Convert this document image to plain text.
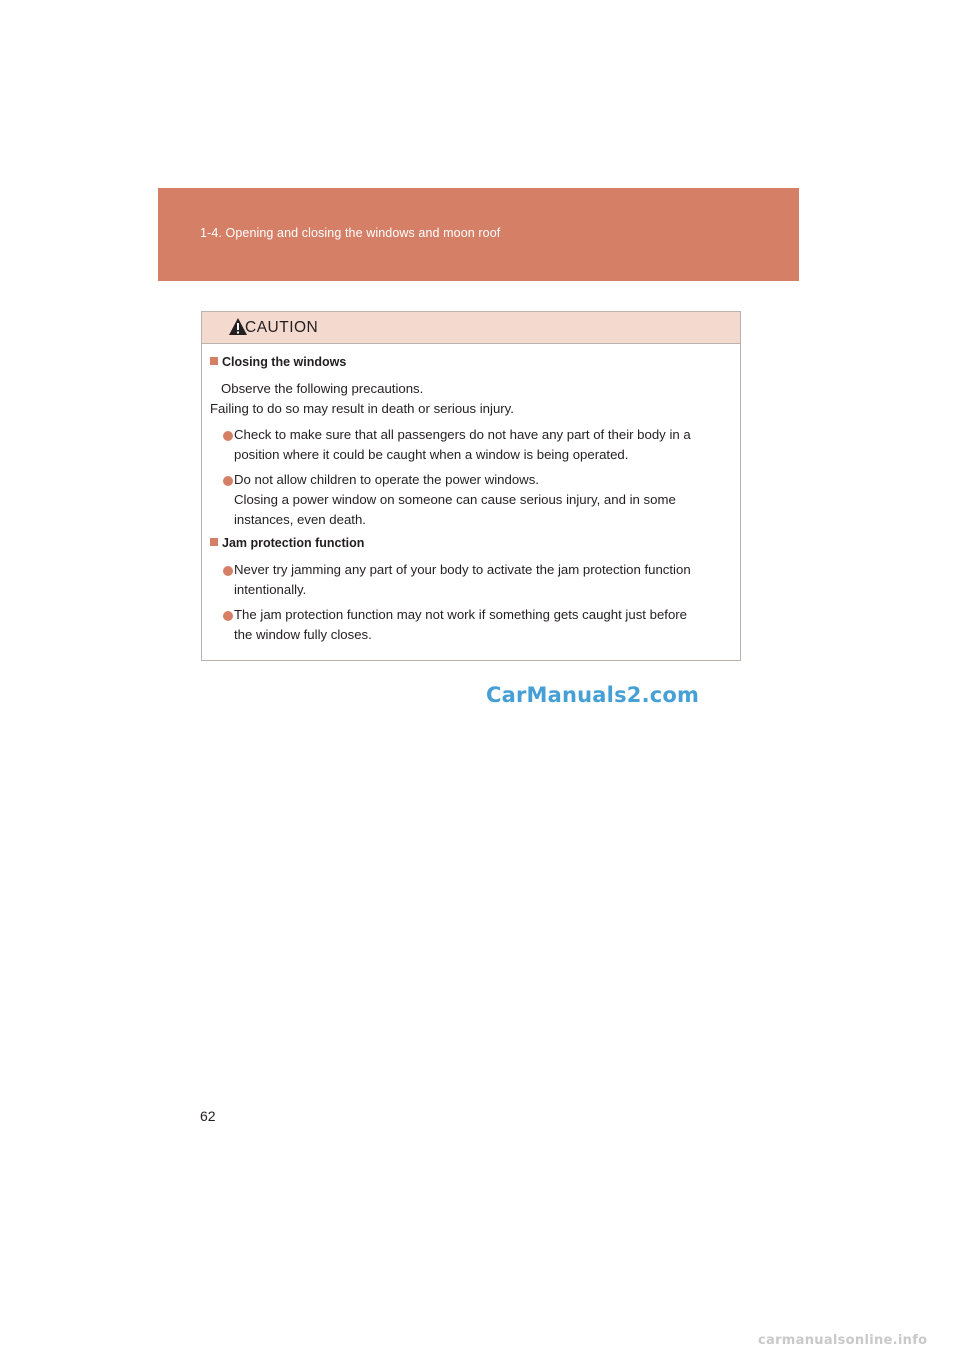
1-4. Opening and closing the windows and moon roof
CAUTION
Closing the windows
Observe the following precautions.
Failing to do so may result in death or serious injury.
Check to make sure that all passengers do not have any part of their body in a
position where it could be caught when a window is being operated.
Do not allow children to operate the power windows.
Closing a power window on someone can cause serious injury, and in some
instances, even death.
Jam protection function
Never try jamming any part of your body to activate the jam protection function
intentionally.
The jam protection function may not work if something gets caught just before
the window fully closes.
CarManuals2.com
62
carmanualsonline.info
